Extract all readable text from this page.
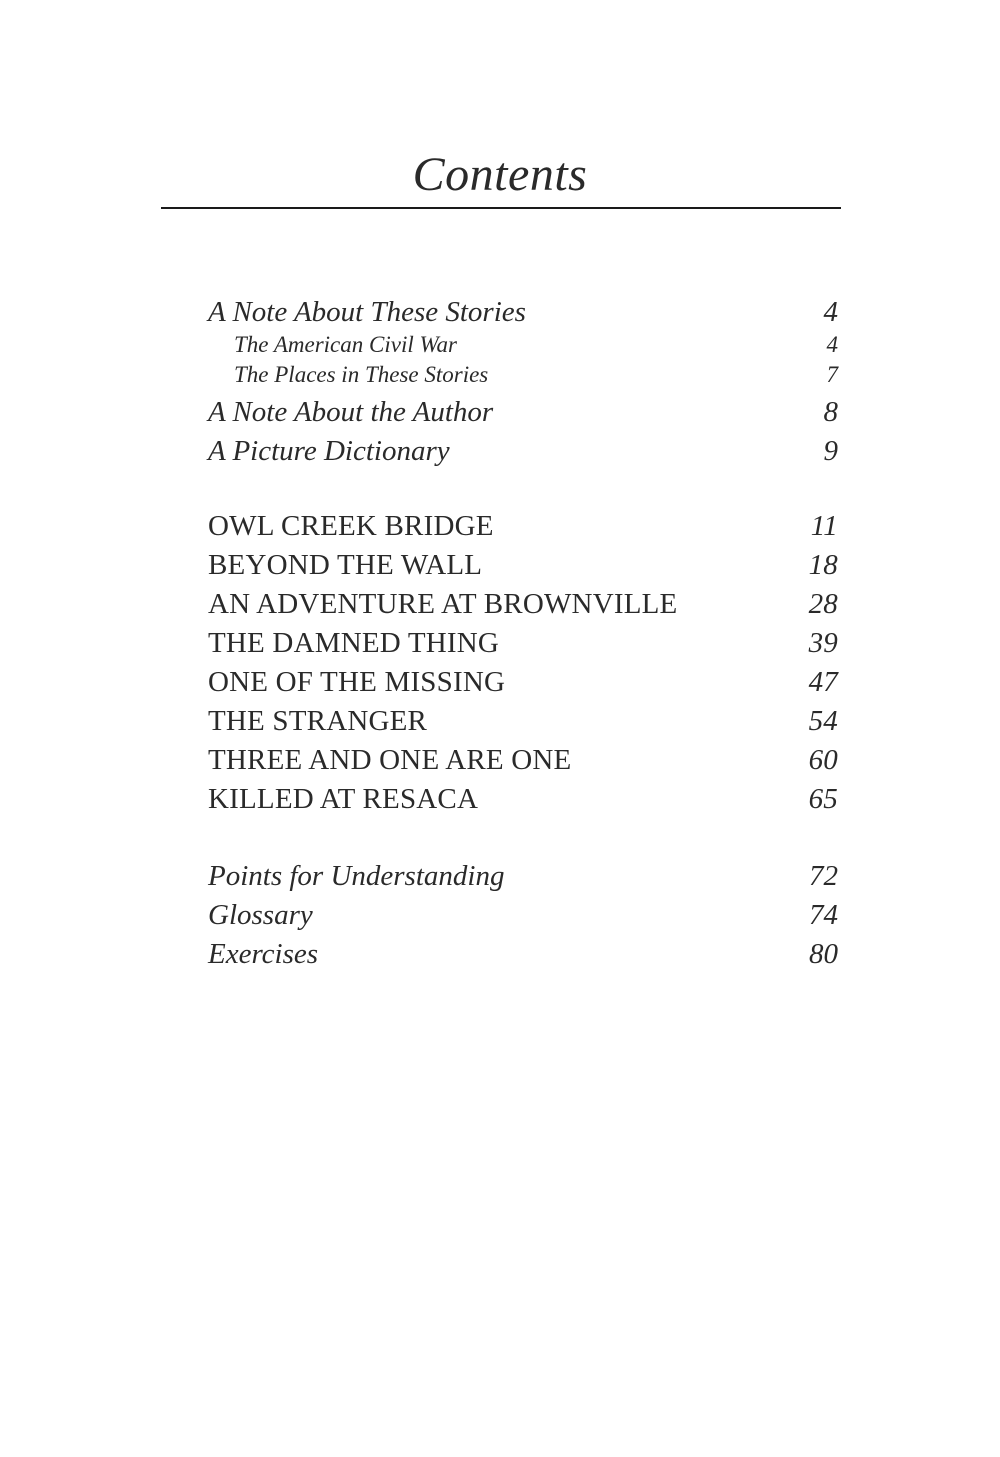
Contents
A Note About These Stories	4
The American Civil War	4
The Places in These Stories	7
A Note About the Author	8
A Picture Dictionary	9
OWL CREEK BRIDGE	11
BEYOND THE WALL	18
AN ADVENTURE AT BROWNVILLE	28
THE DAMNED THING	39
ONE OF THE MISSING	47
THE STRANGER	54
THREE AND ONE ARE ONE	60
KILLED AT RESACA	65
Points for Understanding	72
Glossary	74
Exercises	80
